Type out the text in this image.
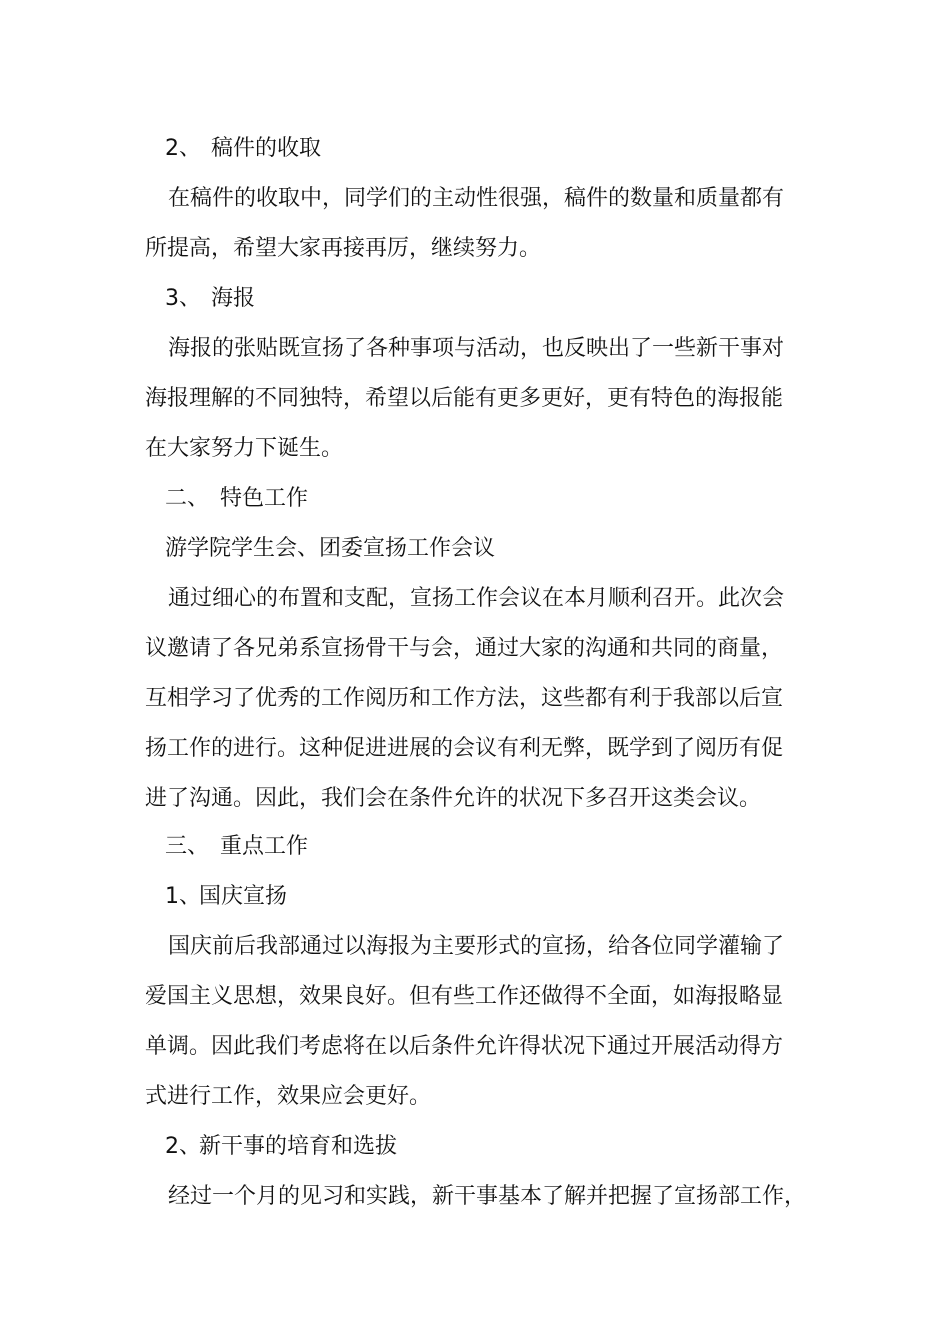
2、 稿件的收取
在稿件的收取中，同学们的主动性很强，稿件的数量和质量都有
所提高，希望大家再接再厉，继续努力。
3、 海报
海报的张贴既宣扬了各种事项与活动，也反映出了一些新干事对
海报理解的不同独特，希望以后能有更多更好，更有特色的海报能
在大家努力下诞生。
二、 特色工作
游学院学生会、团委宣扬工作会议
通过细心的布置和支配，宣扬工作会议在本月顺利召开。此次会
议邀请了各兄弟系宣扬骨干与会，通过大家的沟通和共同的商量，
互相学习了优秀的工作阅历和工作方法，这些都有利于我部以后宣
扬工作的进行。这种促进进展的会议有利无弊，既学到了阅历有促
进了沟通。因此，我们会在条件允许的状况下多召开这类会议。
三、 重点工作
1、
国庆宣扬
国庆前后我部通过以海报为主要形式的宣扬，给各位同学灌输了
爱国主义思想，效果良好。但有些工作还做得不全面，如海报略显
单调。因此我们考虑将在以后条件允许得状况下通过开展活动得方
式进行工作，效果应会更好。
2、
新干事的培育和选拔
经过一个月的见习和实践，新干事基本了解并把握了宣扬部工作，
